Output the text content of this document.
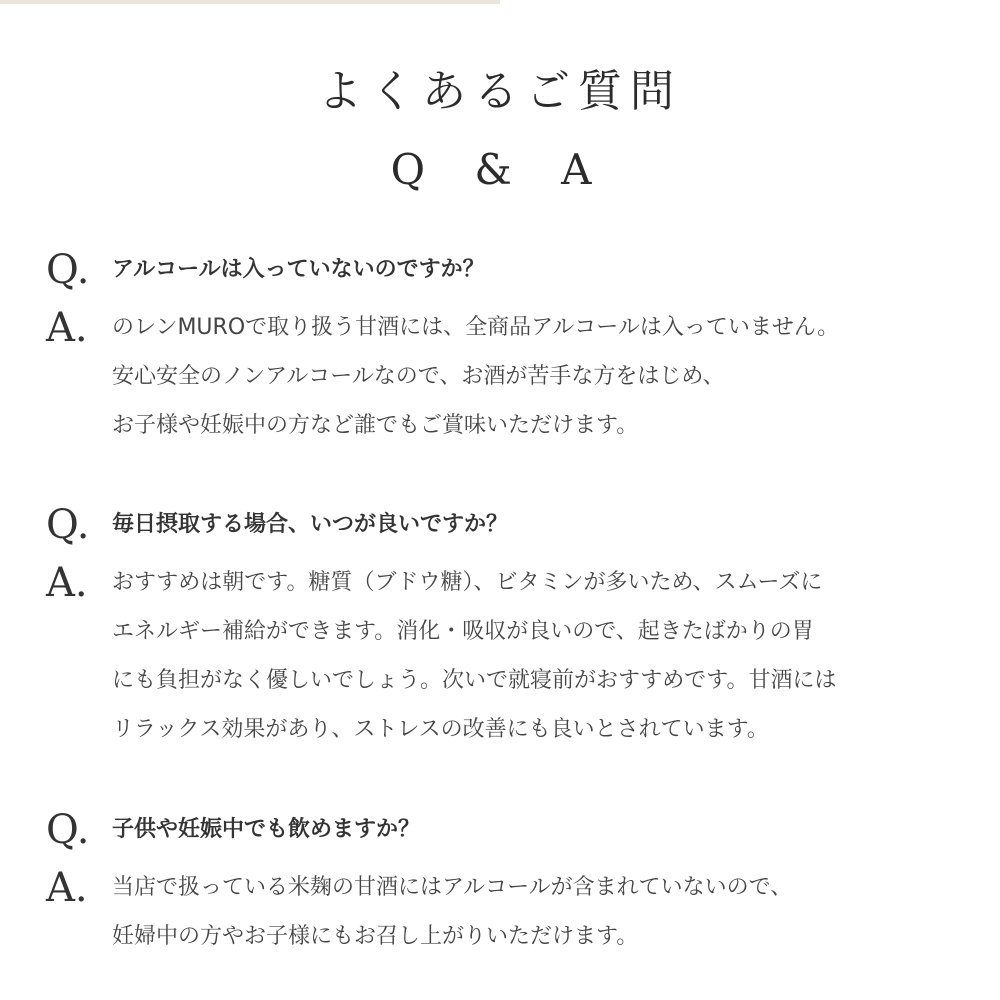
よくあるご質問
Q & A
Q. アルコールは入っていないのですか？
A. のレンMUROで取り扱う甘酒には、全商品アルコールは入っていません。
安心安全のノンアルコールなので、お酒が苦手な方をはじめ、
お子様や妊娠中の方など誰でもご賞味いただけます。
Q. 毎日摂取する場合、いつが良いですか？
A. おすすめは朝です。糖質（ブドウ糖）、ビタミンが多いため、スムーズに
エネルギー補給ができます。消化・吸収が良いので、起きたばかりの胃
にも負担がなく優しいでしょう。次いで就寝前がおすすめです。甘酒には
リラックス効果があり、ストレスの改善にも良いとされています。
Q. 子供や妊娠中でも飲めますか？
A. 当店で扱っている米麹の甘酒にはアルコールが含まれていないので、
妊婦中の方やお子様にもお召し上がりいただけます。
